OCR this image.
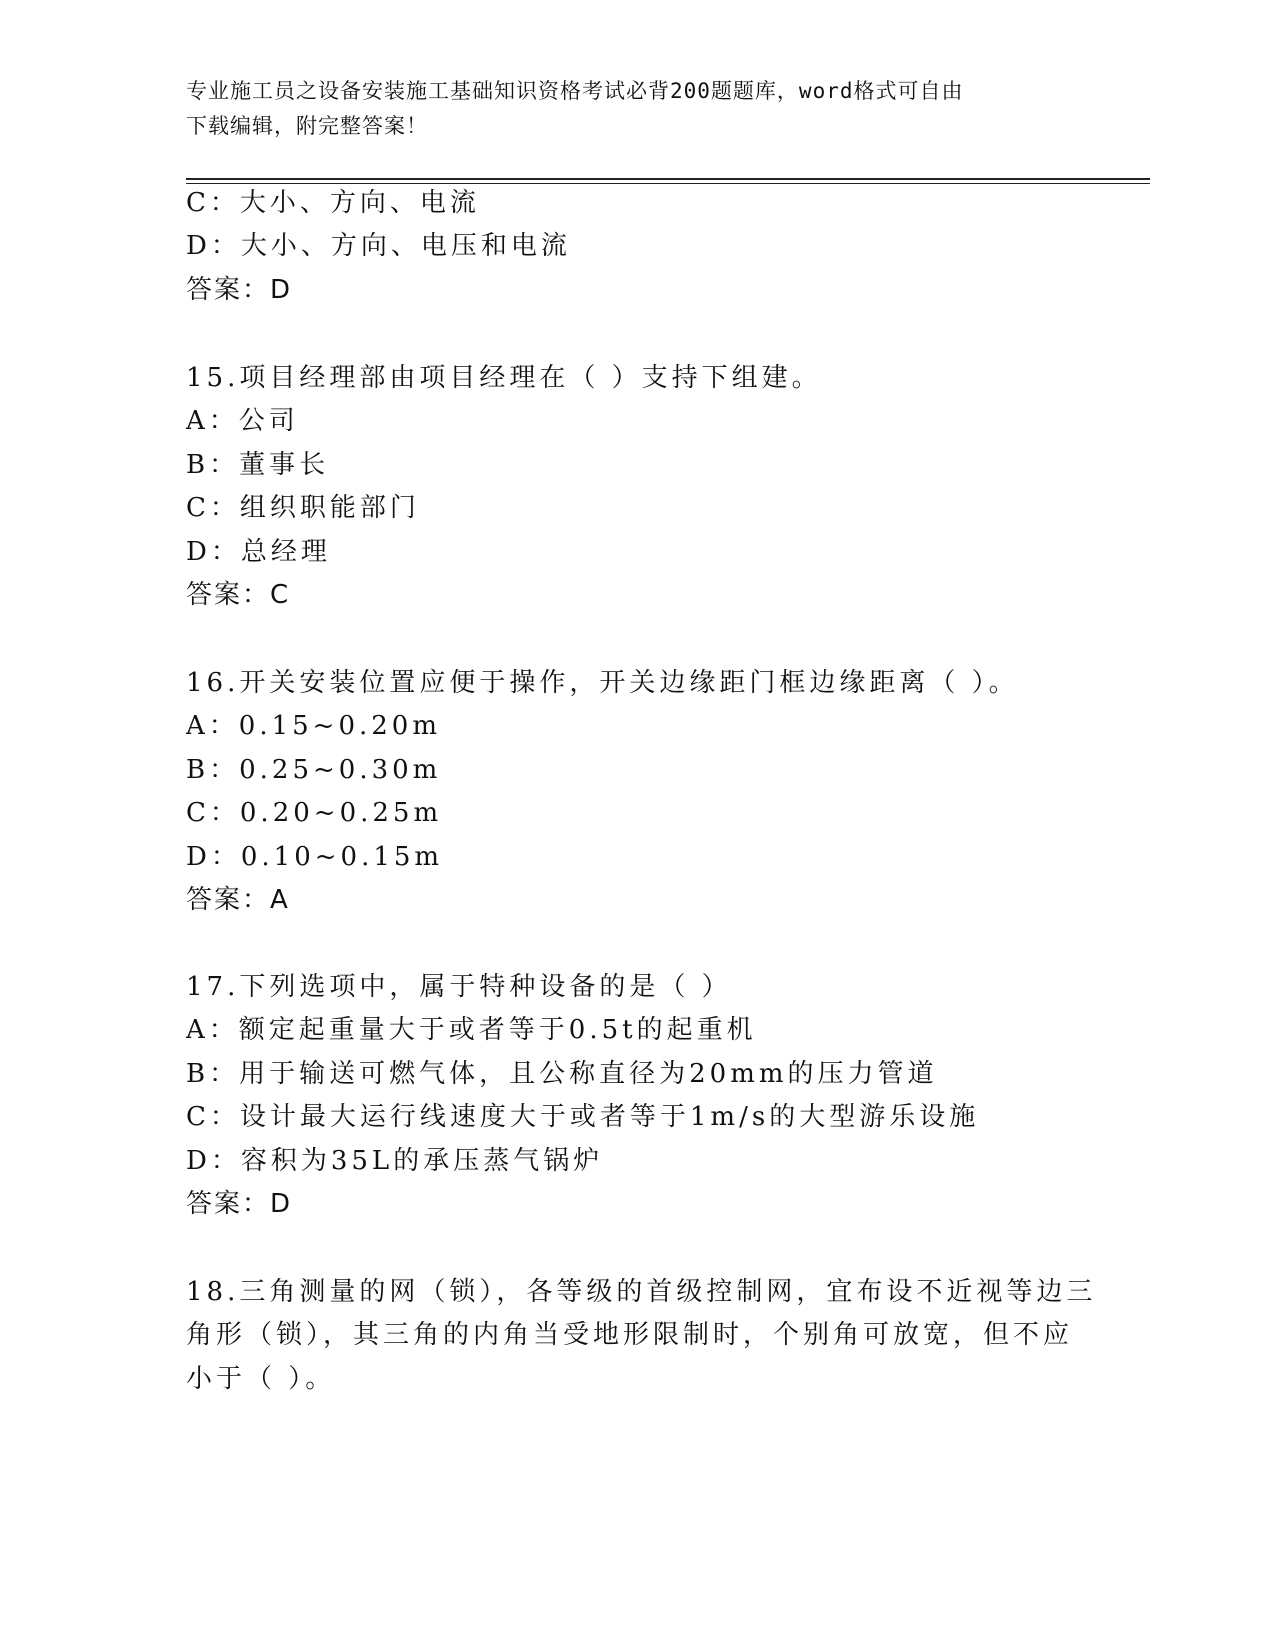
专业施工员之设备安装施工基础知识资格考试必背200题题库，word格式可自由
下载编辑，附完整答案！
C：大小、方向、电流
D：大小、方向、电压和电流
答案：D
15.项目经理部由项目经理在（ ）支持下组建。
A：公司
B：董事长
C：组织职能部门
D：总经理
答案：C
16.开关安装位置应便于操作，开关边缘距门框边缘距离（ ）。
A：0.15~0.20m
B：0.25~0.30m
C：0.20~0.25m
D：0.10~0.15m
答案：A
17.下列选项中，属于特种设备的是（ ）
A：额定起重量大于或者等于0.5t的起重机
B：用于输送可燃气体，且公称直径为20mm的压力管道
C：设计最大运行线速度大于或者等于1m/s的大型游乐设施
D：容积为35L的承压蒸气锅炉
答案：D
18.三角测量的网（锁），各等级的首级控制网，宜布设不近视等边三
角形（锁），其三角的内角当受地形限制时，个别角可放宽，但不应
小于（ ）。
